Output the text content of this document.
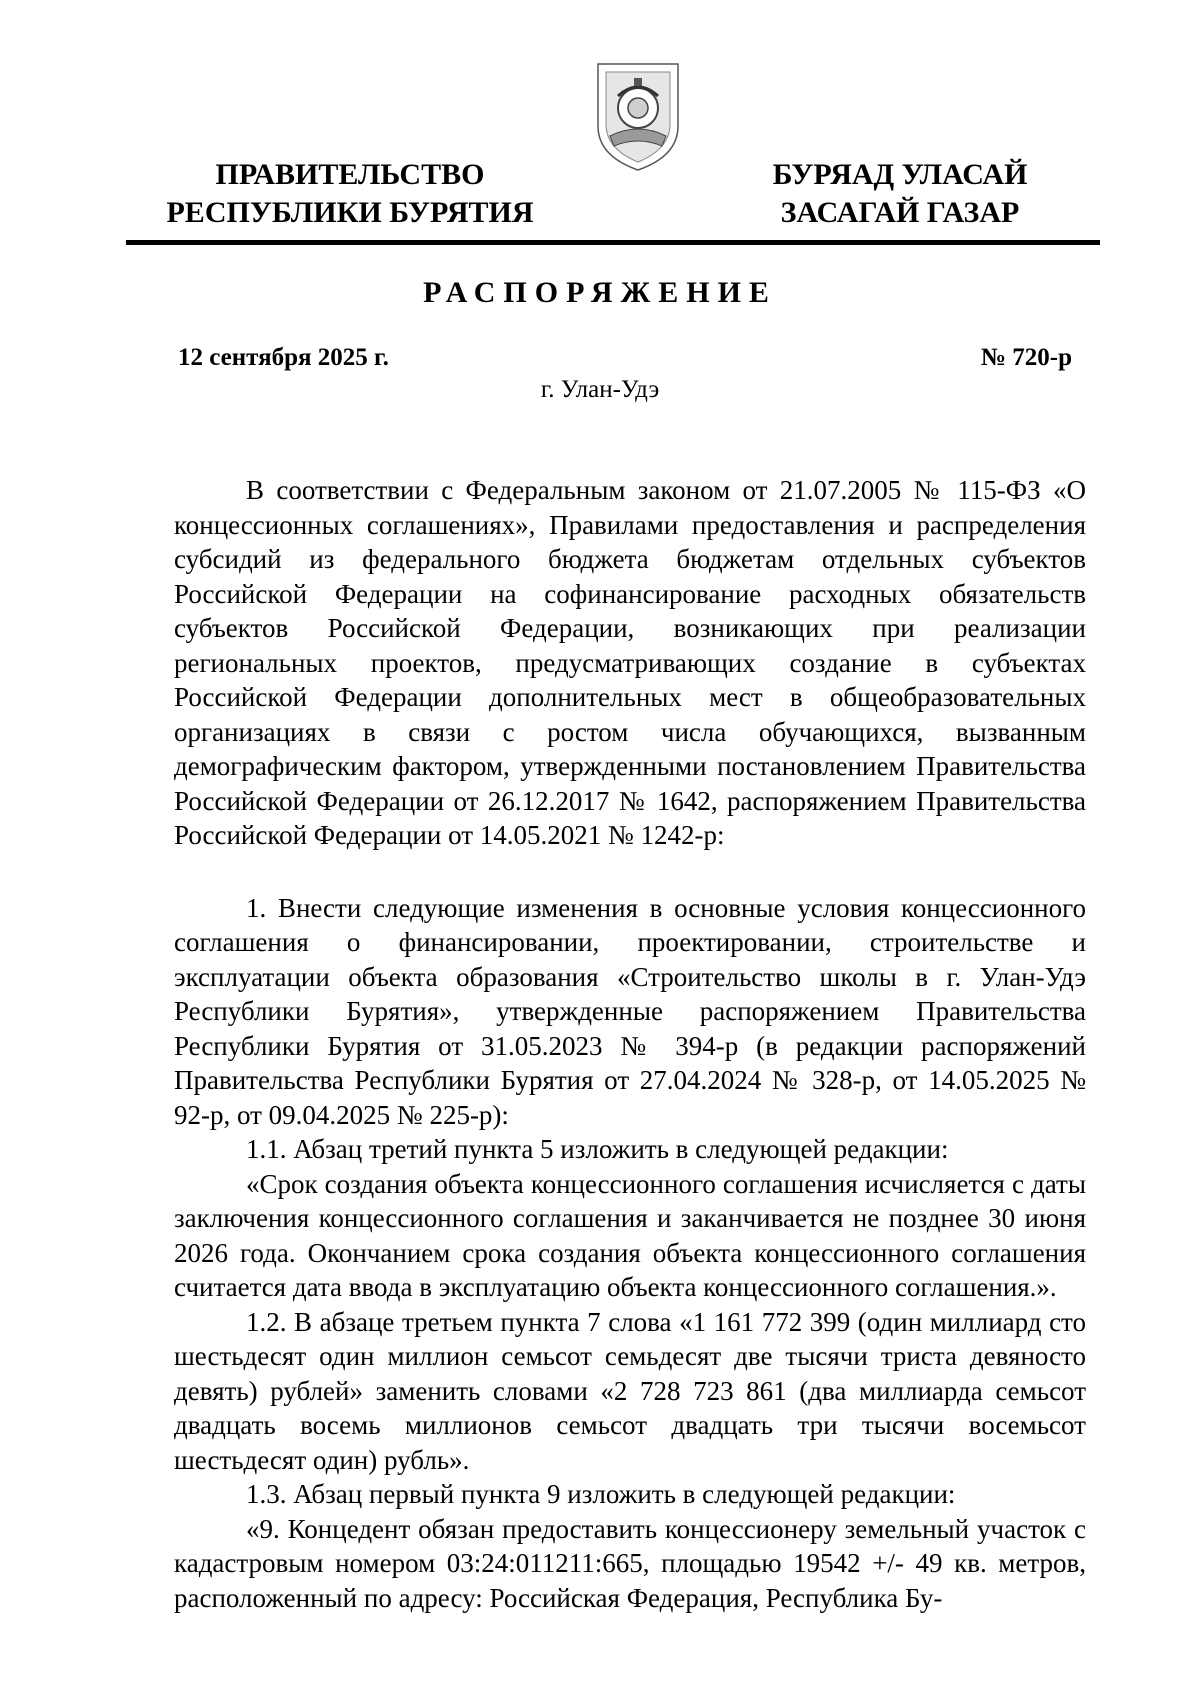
ПРАВИТЕЛЬСТВО
РЕСПУБЛИКИ БУРЯТИЯ
БУРЯАД УЛАСАЙ
ЗАСАГАЙ ГАЗАР
РАСПОРЯЖЕНИЕ
12 сентября 2025 г.	№ 720-р
г. Улан-Удэ

В соответствии с Федеральным законом от 21.07.2005 № 115-ФЗ «О концессионных соглашениях», Правилами предоставления и распределения субсидий из федерального бюджета бюджетам отдельных субъектов Российской Федерации на софинансирование расходных обязательств субъектов Российской Федерации, возникающих при реализации региональных проектов, предусматривающих создание в субъектах Российской Федерации дополнительных мест в общеобразовательных организациях в связи с ростом числа обучающихся, вызванным демографическим фактором, утвержденными постановлением Правительства Российской Федерации от 26.12.2017 № 1642, распоряжением Правительства Российской Федерации от 14.05.2021 № 1242-р:

1. Внести следующие изменения в основные условия концессионного соглашения о финансировании, проектировании, строительстве и эксплуатации объекта образования «Строительство школы в г. Улан-Удэ Республики Бурятия», утвержденные распоряжением Правительства Республики Бурятия от 31.05.2023 № 394-р (в редакции распоряжений Правительства Республики Бурятия от 27.04.2024 № 328-р, от 14.05.2025 № 92-р, от 09.04.2025 № 225-р):

1.1. Абзац третий пункта 5 изложить в следующей редакции:

«Срок создания объекта концессионного соглашения исчисляется с даты заключения концессионного соглашения и заканчивается не позднее 30 июня 2026 года. Окончанием срока создания объекта концессионного соглашения считается дата ввода в эксплуатацию объекта концессионного соглашения.».

1.2. В абзаце третьем пункта 7 слова «1 161 772 399 (один миллиард сто шестьдесят один миллион семьсот семьдесят две тысячи триста девяносто девять) рублей» заменить словами «2 728 723 861 (два миллиарда семьсот двадцать восемь миллионов семьсот двадцать три тысячи восемьсот шестьдесят один) рубль».

1.3. Абзац первый пункта 9 изложить в следующей редакции:

«9. Концедент обязан предоставить концессионеру земельный участок с кадастровым номером 03:24:011211:665, площадью 19542 +/- 49 кв. метров, расположенный по адресу: Российская Федерация, Республика Бу-
